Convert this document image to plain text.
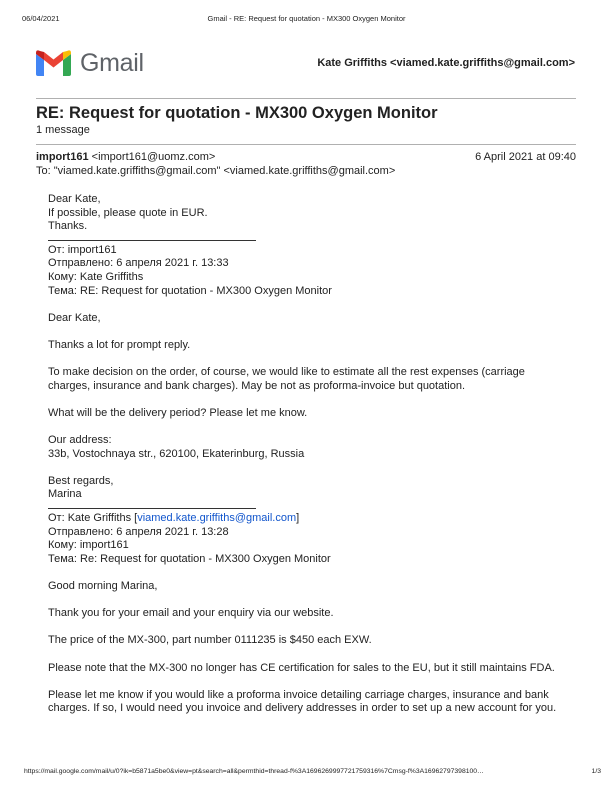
06/04/2021	Gmail - RE: Request for quotation - MX300 Oxygen Monitor
Gmail	Kate Griffiths <viamed.kate.griffiths@gmail.com>
RE: Request for quotation - MX300 Oxygen Monitor
1 message
import161 <import161@uomz.com>	6 April 2021 at 09:40
To: "viamed.kate.griffiths@gmail.com" <viamed.kate.griffiths@gmail.com>

Dear Kate,

If possible, please quote in EUR.

Thanks.

От: import161

Отправлено: 6 апреля 2021 г. 13:33

Кому: Kate Griffiths

Тема: RE: Request for quotation - MX300 Oxygen Monitor

Dear Kate,

Thanks a lot for prompt reply.

To make decision on the order, of course, we would like to estimate all the rest expenses (carriage charges, insurance and bank charges). May be not as proforma-invoice but quotation.

What will be the delivery period? Please let me know.

Our address:

33b, Vostochnaya str., 620100, Ekaterinburg, Russia

Best regards,

Marina

От: Kate Griffiths [viamed.kate.griffiths@gmail.com]

Отправлено: 6 апреля 2021 г. 13:28

Кому: import161

Тема: Re: Request for quotation - MX300 Oxygen Monitor

Good morning Marina,

Thank you for your email and your enquiry via our website.

The price of the MX-300, part number 0111235 is $450 each EXW.

Please note that the MX-300 no longer has CE certification for sales to the EU, but it still maintains FDA.

Please let me know if you would like a proforma invoice detailing carriage charges, insurance and bank charges. If so, I would need you invoice and delivery addresses in order to set up a new account for you.

https://mail.google.com/mail/u/0?ik=b5871a5be0&view=pt&search=all&permthid=thread-f%3A1696269997721759316%7Cmsg-f%3A16962797398100…	1/3
